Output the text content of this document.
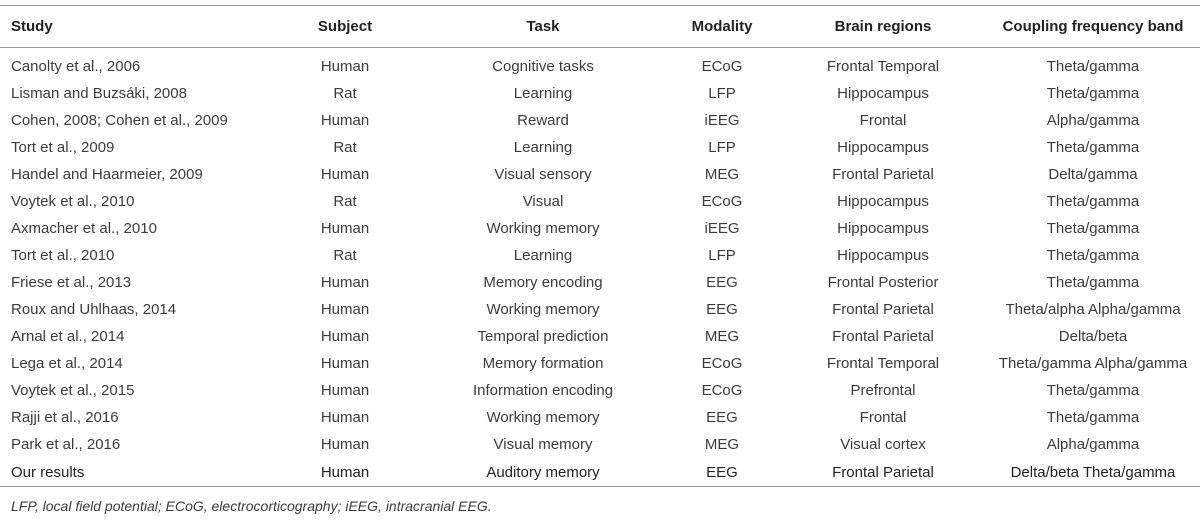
Study	Subject	Task	Modality	Brain regions	Coupling frequency band

Canolty et al., 2006	Human	Cognitive tasks	ECoG	Frontal Temporal	Theta/gamma
Lisman and Buzsáki, 2008	Rat	Learning	LFP	Hippocampus	Theta/gamma
Cohen, 2008; Cohen et al., 2009	Human	Reward	iEEG	Frontal	Alpha/gamma
Tort et al., 2009	Rat	Learning	LFP	Hippocampus	Theta/gamma
Handel and Haarmeier, 2009	Human	Visual sensory	MEG	Frontal Parietal	Delta/gamma
Voytek et al., 2010	Rat	Visual	ECoG	Hippocampus	Theta/gamma
Axmacher et al., 2010	Human	Working memory	iEEG	Hippocampus	Theta/gamma
Tort et al., 2010	Rat	Learning	LFP	Hippocampus	Theta/gamma
Friese et al., 2013	Human	Memory encoding	EEG	Frontal Posterior	Theta/gamma
Roux and Uhlhaas, 2014	Human	Working memory	EEG	Frontal Parietal	Theta/alpha Alpha/gamma
Arnal et al., 2014	Human	Temporal prediction	MEG	Frontal Parietal	Delta/beta
Lega et al., 2014	Human	Memory formation	ECoG	Frontal Temporal	Theta/gamma Alpha/gamma
Voytek et al., 2015	Human	Information encoding	ECoG	Prefrontal	Theta/gamma
Rajji et al., 2016	Human	Working memory	EEG	Frontal	Theta/gamma
Park et al., 2016	Human	Visual memory	MEG	Visual cortex	Alpha/gamma
Our results	Human	Auditory memory	EEG	Frontal Parietal	Delta/beta Theta/gamma
LFP, local field potential; ECoG, electrocorticography; iEEG, intracranial EEG.
